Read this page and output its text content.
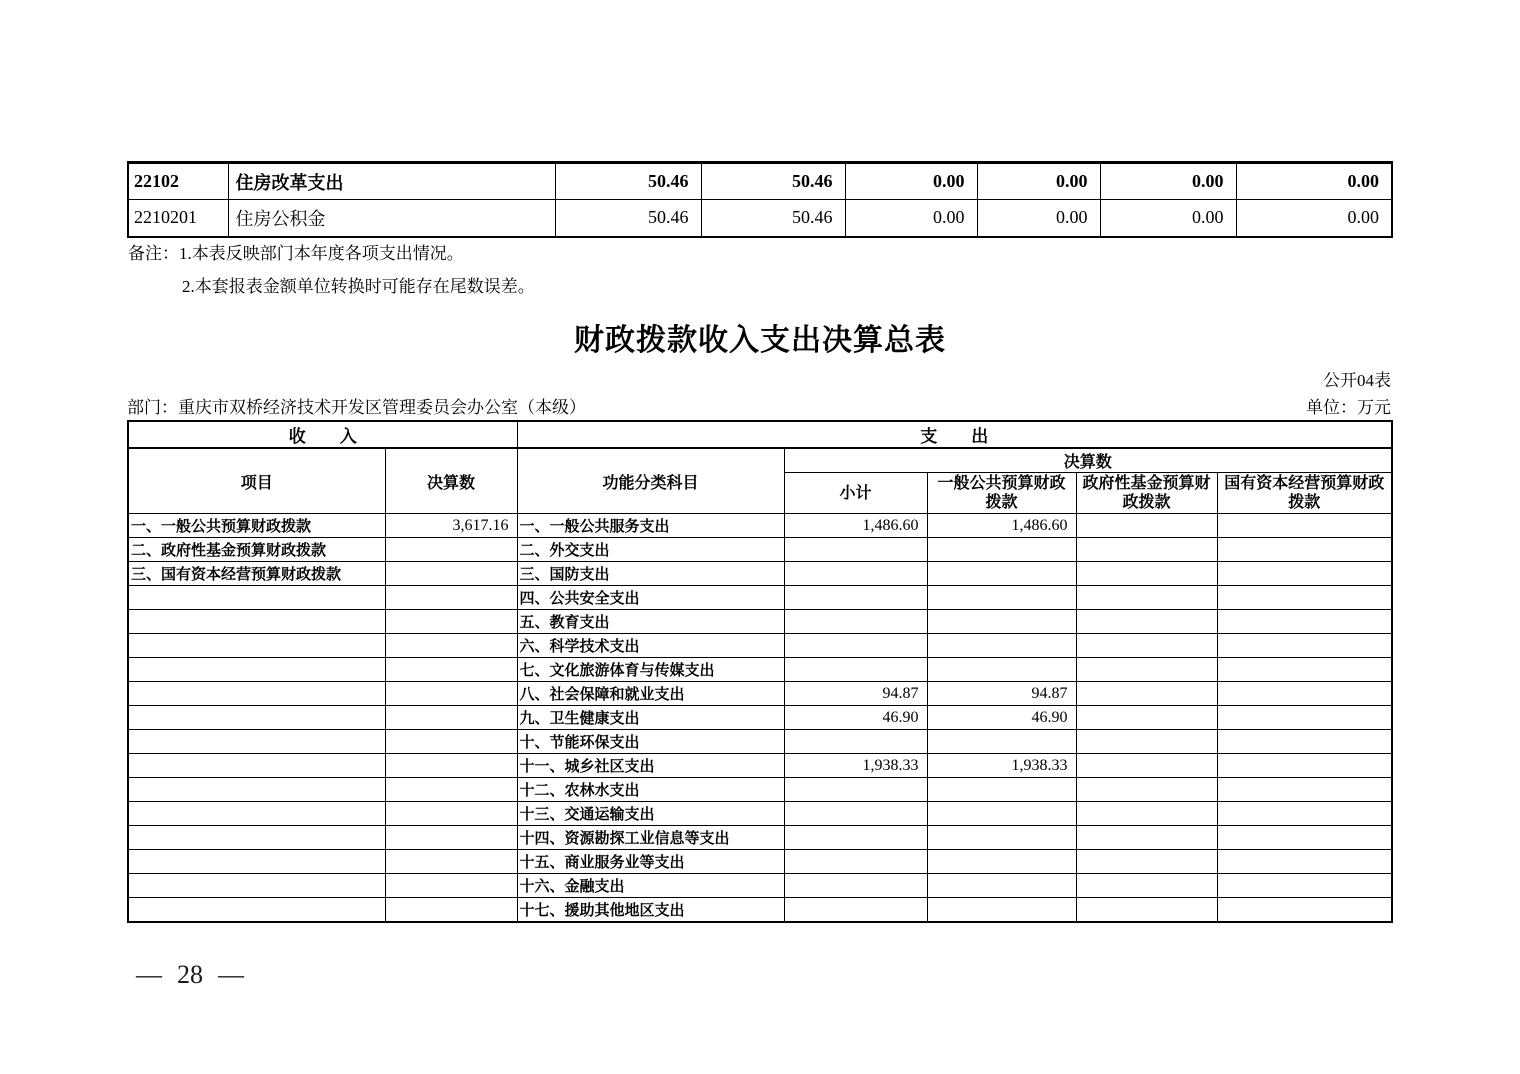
22102	住房改革支出	50.46	50.46	0.00	0.00	0.00	0.00
2210201	住房公积金	50.46	50.46	0.00	0.00	0.00	0.00
备注： 1.本表反映部门本年度各项支出情况。
2.本套报表金额单位转换时可能存在尾数误差。
财政拨款收入支出决算总表
公开04表
部门：重庆市双桥经济技术开发区管理委员会办公室（本级）	单位：万元
收　　入		支　　出				
项目	决算数	功能分类科目	决算数			
			小计	一般公共预算财政拨款	政府性基金预算财政拨款	国有资本经营预算财政拨款
一、一般公共预算财政拨款	3,617.16	一、一般公共服务支出	1,486.60	1,486.60		
二、政府性基金预算财政拨款		二、外交支出				
三、国有资本经营预算财政拨款		三、国防支出				
		四、公共安全支出				
		五、教育支出				
		六、科学技术支出				
		七、文化旅游体育与传媒支出				
		八、社会保障和就业支出	94.87	94.87		
		九、卫生健康支出	46.90	46.90		
		十、节能环保支出				
		十一、城乡社区支出	1,938.33	1,938.33		
		十二、农林水支出				
		十三、交通运输支出				
		十四、资源勘探工业信息等支出				
		十五、商业服务业等支出				
		十六、金融支出				
		十七、援助其他地区支出				
— 28 —
